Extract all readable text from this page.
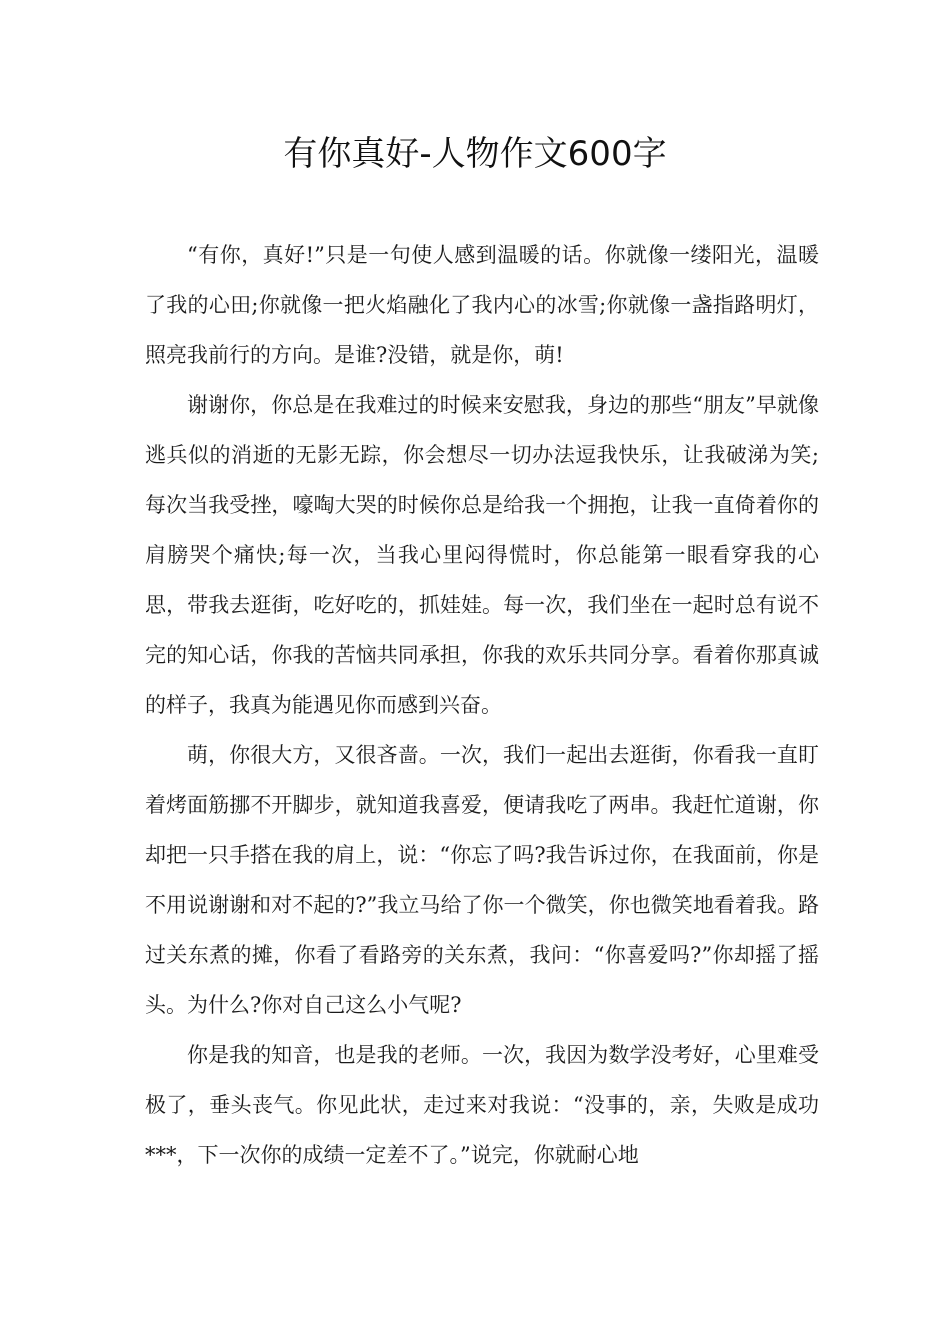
有你真好-人物作文600字

“有你，真好!”只是一句使人感到温暖的话。你就像一缕阳光，温暖了我的心田;你就像一把火焰融化了我内心的冰雪;你就像一盏指路明灯，照亮我前行的方向。是谁?没错，就是你，萌!

谢谢你，你总是在我难过的时候来安慰我，身边的那些“朋友”早就像逃兵似的消逝的无影无踪，你会想尽一切办法逗我快乐，让我破涕为笑;每次当我受挫，嚎啕大哭的时候你总是给我一个拥抱，让我一直倚着你的肩膀哭个痛快;每一次，当我心里闷得慌时，你总能第一眼看穿我的心思，带我去逛街，吃好吃的，抓娃娃。每一次，我们坐在一起时总有说不完的知心话，你我的苦恼共同承担，你我的欢乐共同分享。看着你那真诚的样子，我真为能遇见你而感到兴奋。

萌，你很大方，又很吝啬。一次，我们一起出去逛街，你看我一直盯着烤面筋挪不开脚步，就知道我喜爱，便请我吃了两串。我赶忙道谢，你却把一只手搭在我的肩上，说：“你忘了吗?我告诉过你，在我面前，你是不用说谢谢和对不起的?”我立马给了你一个微笑，你也微笑地看着我。路过关东煮的摊，你看了看路旁的关东煮，我问：“你喜爱吗?”你却摇了摇头。为什么?你对自己这么小气呢?

你是我的知音，也是我的老师。一次，我因为数学没考好，心里难受极了，垂头丧气。你见此状，走过来对我说：“没事的，亲，失败是成功***，下一次你的成绩一定差不了。”说完，你就耐心地
